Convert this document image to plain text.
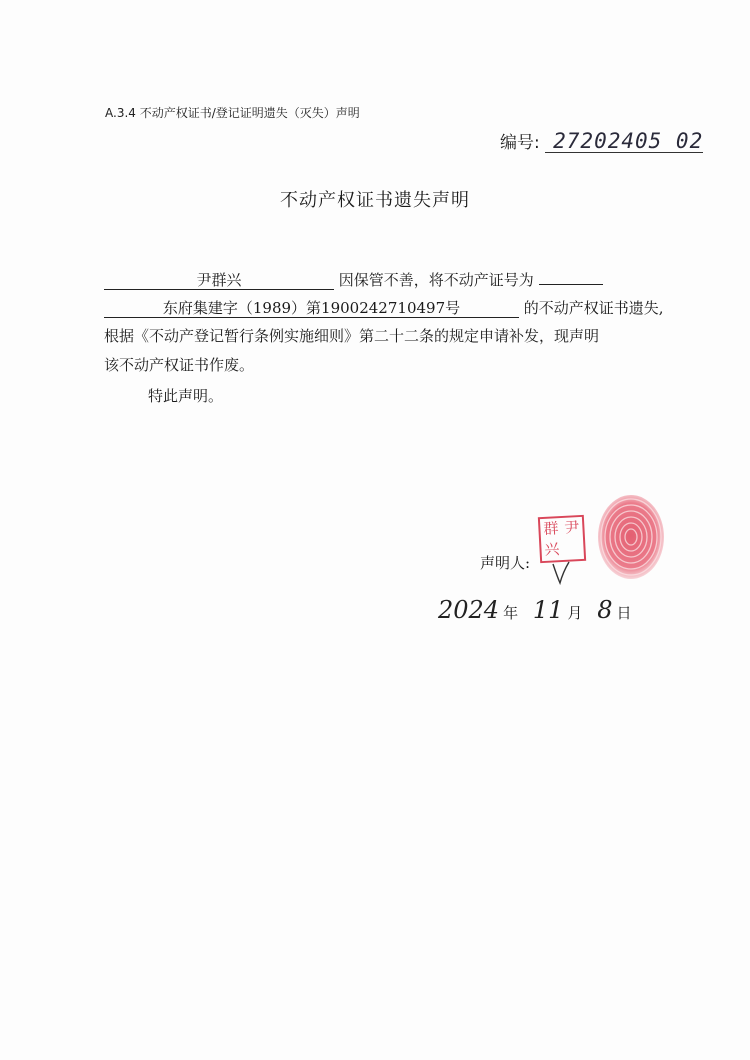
A.3.4 不动产权证书/登记证明遗失（灭失）声明
编号: 27202405 02
不动产权证书遗失声明
尹群兴	因保管不善，将不动产证号为
东府集建字（1989）第1900242710497号	的不动产权证书遗失,
根据《不动产登记暂行条例实施细则》第二十二条的规定申请补发，现声明
该不动产权证书作废。
特此声明。
声明人:
群 尹
兴
2024 年 11 月 8 日
